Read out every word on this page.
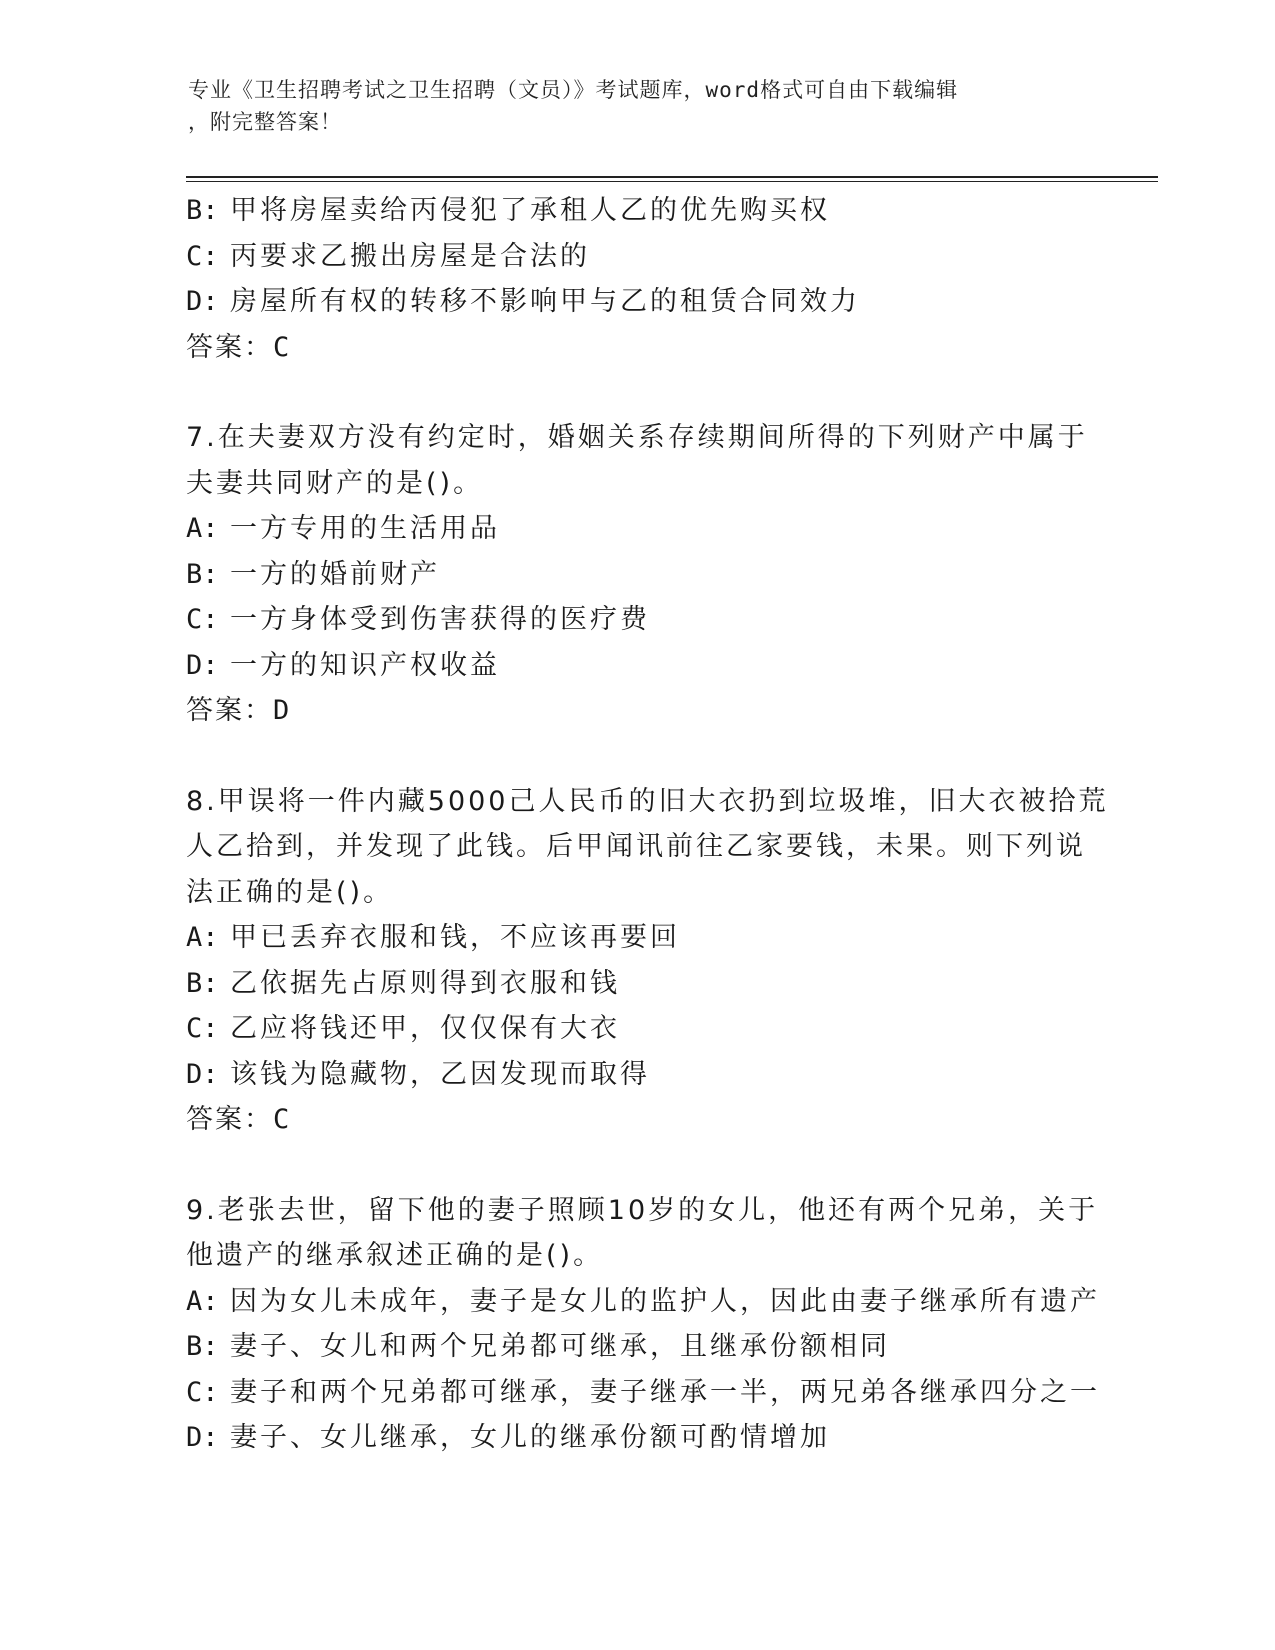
专业《卫生招聘考试之卫生招聘（文员）》考试题库，word格式可自由下载编辑
，附完整答案！
B: 甲将房屋卖给丙侵犯了承租人乙的优先购买权
C: 丙要求乙搬出房屋是合法的
D: 房屋所有权的转移不影响甲与乙的租赁合同效力
答案：C
7.在夫妻双方没有约定时，婚姻关系存续期间所得的下列财产中属于
夫妻共同财产的是()。
A: 一方专用的生活用品
B: 一方的婚前财产
C: 一方身体受到伤害获得的医疗费
D: 一方的知识产权收益
答案：D
8.甲误将一件内藏5000己人民币的旧大衣扔到垃圾堆，旧大衣被拾荒
人乙拾到，并发现了此钱。后甲闻讯前往乙家要钱，未果。则下列说
法正确的是()。
A: 甲已丢弃衣服和钱，不应该再要回
B: 乙依据先占原则得到衣服和钱
C: 乙应将钱还甲，仅仅保有大衣
D: 该钱为隐藏物，乙因发现而取得
答案：C
9.老张去世，留下他的妻子照顾10岁的女儿，他还有两个兄弟，关于
他遗产的继承叙述正确的是()。
A: 因为女儿未成年，妻子是女儿的监护人，因此由妻子继承所有遗产
B: 妻子、女儿和两个兄弟都可继承，且继承份额相同
C: 妻子和两个兄弟都可继承，妻子继承一半，两兄弟各继承四分之一
D: 妻子、女儿继承，女儿的继承份额可酌情增加
